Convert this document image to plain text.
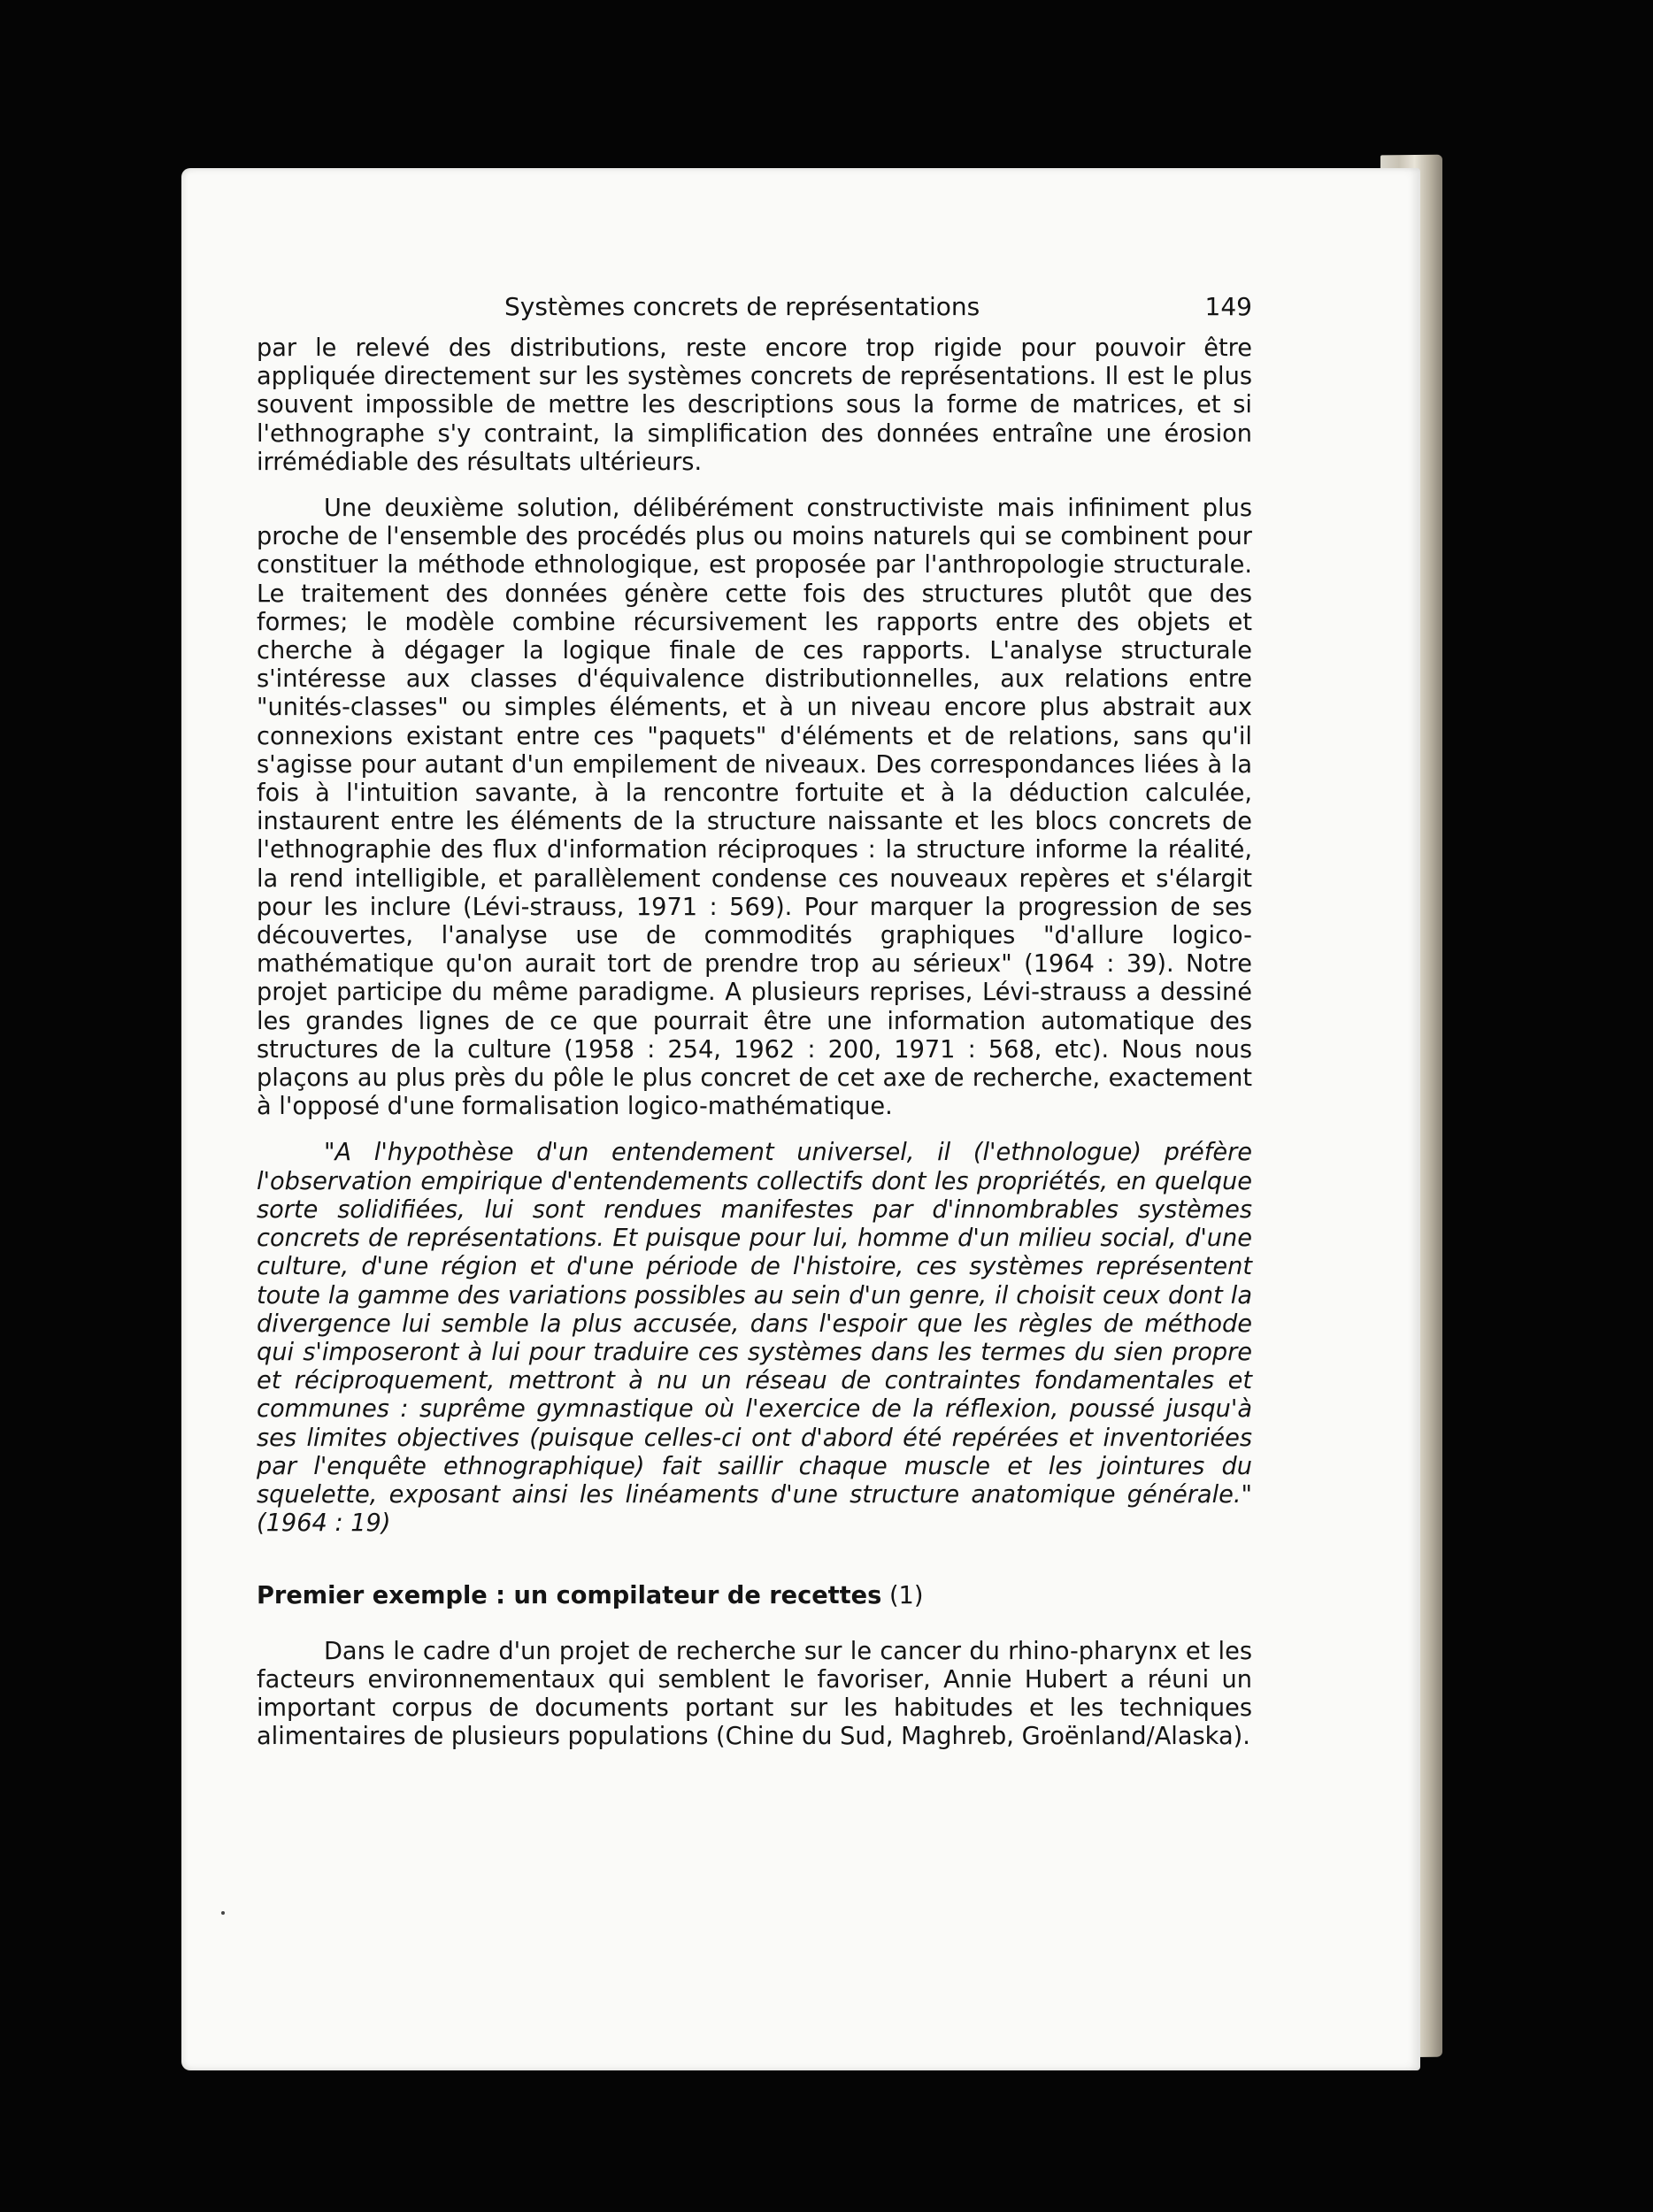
Systèmes concrets de représentations	149

par le relevé des distributions, reste encore trop rigide pour pouvoir être appliquée directement sur les systèmes concrets de représentations. Il est le plus souvent impossible de mettre les descriptions sous la forme de matrices, et si l'ethnographe s'y contraint, la simplification des données entraîne une érosion irrémédiable des résultats ultérieurs.

Une deuxième solution, délibérément constructiviste mais infiniment plus proche de l'ensemble des procédés plus ou moins naturels qui se combinent pour constituer la méthode ethnologique, est proposée par l'anthropologie structurale. Le traitement des données génère cette fois des structures plutôt que des formes; le modèle combine récursivement les rapports entre des objets et cherche à dégager la logique finale de ces rapports. L'analyse structurale s'intéresse aux classes d'équivalence distributionnelles, aux relations entre "unités-classes" ou simples éléments, et à un niveau encore plus abstrait aux connexions existant entre ces "paquets" d'éléments et de relations, sans qu'il s'agisse pour autant d'un empilement de niveaux. Des correspondances liées à la fois à l'intuition savante, à la rencontre fortuite et à la déduction calculée, instaurent entre les éléments de la structure naissante et les blocs concrets de l'ethnographie des flux d'information réciproques : la structure informe la réalité, la rend intelligible, et parallèlement condense ces nouveaux repères et s'élargit pour les inclure (Lévi-strauss, 1971 : 569). Pour marquer la progression de ses découvertes, l'analyse use de commodités graphiques "d'allure logico-mathématique qu'on aurait tort de prendre trop au sérieux" (1964 : 39). Notre projet participe du même paradigme. A plusieurs reprises, Lévi-strauss a dessiné les grandes lignes de ce que pourrait être une information automatique des structures de la culture (1958 : 254, 1962 : 200, 1971 : 568, etc). Nous nous plaçons au plus près du pôle le plus concret de cet axe de recherche, exactement à l'opposé d'une formalisation logico-mathématique.

"A l'hypothèse d'un entendement universel, il (l'ethnologue) préfère l'observation empirique d'entendements collectifs dont les propriétés, en quelque sorte solidifiées, lui sont rendues manifestes par d'innombrables systèmes concrets de représentations. Et puisque pour lui, homme d'un milieu social, d'une culture, d'une région et d'une période de l'histoire, ces systèmes représentent toute la gamme des variations possibles au sein d'un genre, il choisit ceux dont la divergence lui semble la plus accusée, dans l'espoir que les règles de méthode qui s'imposeront à lui pour traduire ces systèmes dans les termes du sien propre et réciproquement, mettront à nu un réseau de contraintes fondamentales et communes : suprême gymnastique où l'exercice de la réflexion, poussé jusqu'à ses limites objectives (puisque celles-ci ont d'abord été repérées et inventoriées par l'enquête ethnographique) fait saillir chaque muscle et les jointures du squelette, exposant ainsi les linéaments d'une structure anatomique générale." (1964 : 19)

Premier exemple : un compilateur de recettes (1)

Dans le cadre d'un projet de recherche sur le cancer du rhino-pharynx et les facteurs environnementaux qui semblent le favoriser, Annie Hubert a réuni un important corpus de documents portant sur les habitudes et les techniques alimentaires de plusieurs populations (Chine du Sud, Maghreb, Groënland/Alaska).
